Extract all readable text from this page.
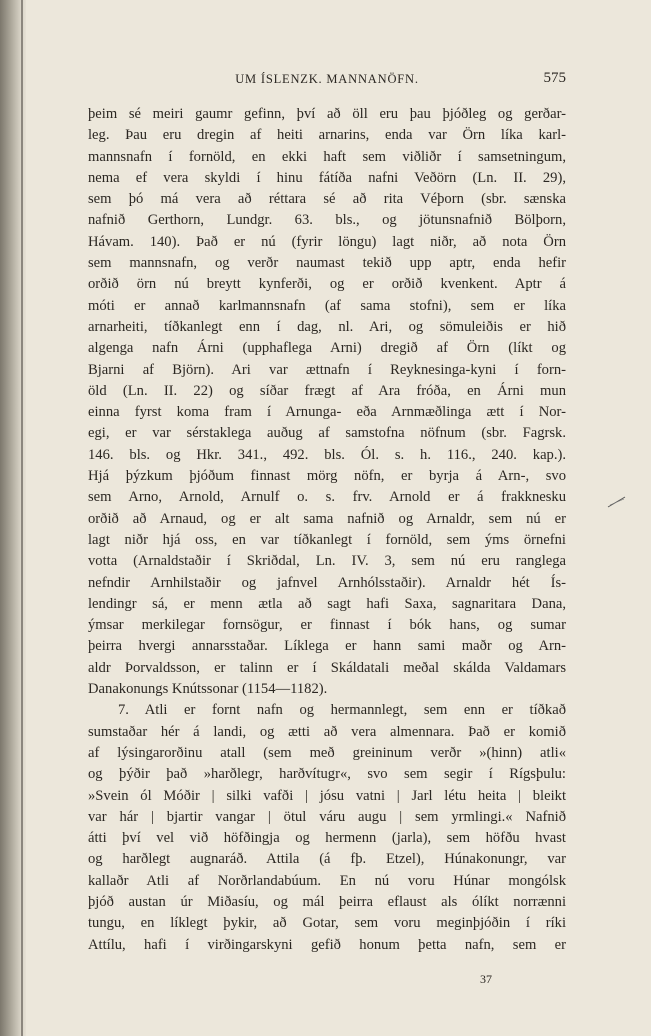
UM ÍSLENZK. MANNANÖFN.	575
þeim sé meiri gaumr gefinn, því að öll eru þau þjóðleg og gerðar-
leg. Þau eru dregin af heiti arnarins, enda var Örn líka karl-
mannsnafn í fornöld, en ekki haft sem viðliðr í samsetningum,
nema ef vera skyldi í hinu fátíða nafni Veðörn (Ln. II. 29),
sem þó má vera að réttara sé að rita Véþorn (sbr. sænska
nafnið Gerthorn, Lundgr. 63. bls., og jötunsnafnið Bölþorn,
Hávam. 140). Það er nú (fyrir löngu) lagt niðr, að nota Örn
sem mannsnafn, og verðr naumast tekið upp aptr, enda hefir
orðið örn nú breytt kynferði, og er orðið kvenkent. Aptr á
móti er annað karlmannsnafn (af sama stofni), sem er líka
arnarheiti, tíðkanlegt enn í dag, nl. Ari, og sömuleiðis er hið
algenga nafn Árni (upphaflega Arni) dregið af Örn (líkt og
Bjarni af Björn). Ari var ættnafn í Reyknesinga-kyni í forn-
öld (Ln. II. 22) og síðar frægt af Ara fróða, en Árni mun
einna fyrst koma fram í Arnunga- eða Arnmæðlinga ætt í Nor-
egi, er var sérstaklega auðug af samstofna nöfnum (sbr. Fagrsk.
146. bls. og Hkr. 341., 492. bls. Ól. s. h. 116., 240. kap.).
Hjá þýzkum þjóðum finnast mörg nöfn, er byrja á Arn-, svo
sem Arno, Arnold, Arnulf o. s. frv. Arnold er á frakknesku
orðið að Arnaud, og er alt sama nafnið og Arnaldr, sem nú er
lagt niðr hjá oss, en var tíðkanlegt í fornöld, sem ýms örnefni
votta (Arnaldstaðir í Skriðdal, Ln. IV. 3, sem nú eru ranglega
nefndir Arnhilstaðir og jafnvel Arnhólsstaðir). Arnaldr hét Ís-
lendingr sá, er menn ætla að sagt hafi Saxa, sagnaritara Dana,
ýmsar merkilegar fornsögur, er finnast í bók hans, og sumar
þeirra hvergi annarsstaðar. Líklega er hann sami maðr og Arn-
aldr Þorvaldsson, er talinn er í Skáldatali meðal skálda Valdamars
Danakonungs Knútssonar (1154—1182).
7. Atli er fornt nafn og hermannlegt, sem enn er tíðkað
sumstaðar hér á landi, og ætti að vera almennara. Það er komið
af lýsingarorðinu atall (sem með greininum verðr »(hinn) atli«
og þýðir það »harðlegr, harðvítugr«, svo sem segir í Rígsþulu:
»Svein ól Móðir | silki vafði | jósu vatni | Jarl létu heita | bleikt
var hár | bjartir vangar | ötul váru augu | sem yrmlingi.« Nafnið
átti því vel við höfðingja og hermenn (jarla), sem höfðu hvast
og harðlegt augnaráð. Attila (á fþ. Etzel), Húnakonungr, var
kallaðr Atli af Norðrlandabúum. En nú voru Húnar mongólsk
þjóð austan úr Miðasíu, og mál þeirra eflaust als ólíkt norrænni
tungu, en líklegt þykir, að Gotar, sem voru meginþjóðin í ríki
Attílu, hafi í virðingarskyni gefið honum þetta nafn, sem er
37
